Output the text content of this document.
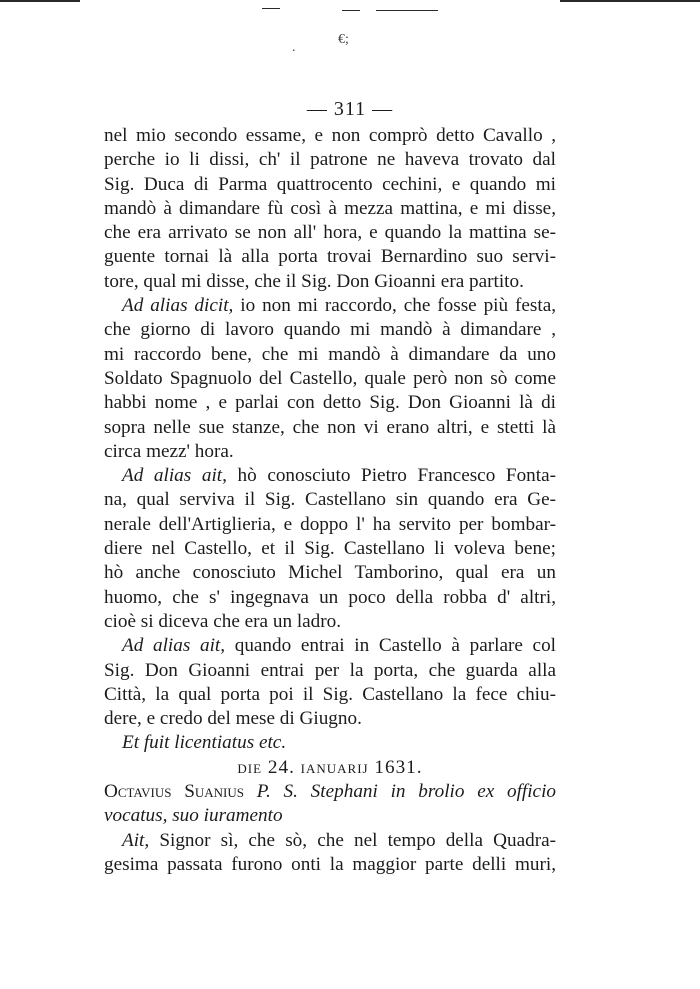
€;
.
— 311 —
nel mio secondo essame, e non comprò detto Cavallo ,
perche io li dissi, ch' il patrone ne haveva trovato dal
Sig. Duca di Parma quattrocento cechini, e quando mi
mandò à dimandare fù così à mezza mattina, e mi disse,
che era arrivato se non all' hora, e quando la mattina se-
guente tornai là alla porta trovai Bernardino suo servi-
tore, qual mi disse, che il Sig. Don Gioanni era partito.
Ad alias dicit, io non mi raccordo, che fosse più festa,
che giorno di lavoro quando mi mandò à dimandare ,
mi raccordo bene, che mi mandò à dimandare da uno
Soldato Spagnuolo del Castello, quale però non sò come
habbi nome , e parlai con detto Sig. Don Gioanni là di
sopra nelle sue stanze, che non vi erano altri, e stetti là
circa mezz' hora.
Ad alias ait, hò conosciuto Pietro Francesco Fonta-
na, qual serviva il Sig. Castellano sin quando era Ge-
nerale dell'Artiglieria, e doppo l' ha servito per bombar-
diere nel Castello, et il Sig. Castellano li voleva bene;
hò anche conosciuto Michel Tamborino, qual era un
huomo, che s' ingegnava un poco della robba d' altri,
cioè si diceva che era un ladro.
Ad alias ait, quando entrai in Castello à parlare col
Sig. Don Gioanni entrai per la porta, che guarda alla
Città, la qual porta poi il Sig. Castellano la fece chiu-
dere, e credo del mese di Giugno.
Et fuit licentiatus etc.
die 24. ianuarij 1631.
Octavius Suanius P. S. Stephani in brolio ex officio
vocatus, suo iuramento
Ait, Signor sì, che sò, che nel tempo della Quadra-
gesima passata furono onti la maggior parte delli muri,
